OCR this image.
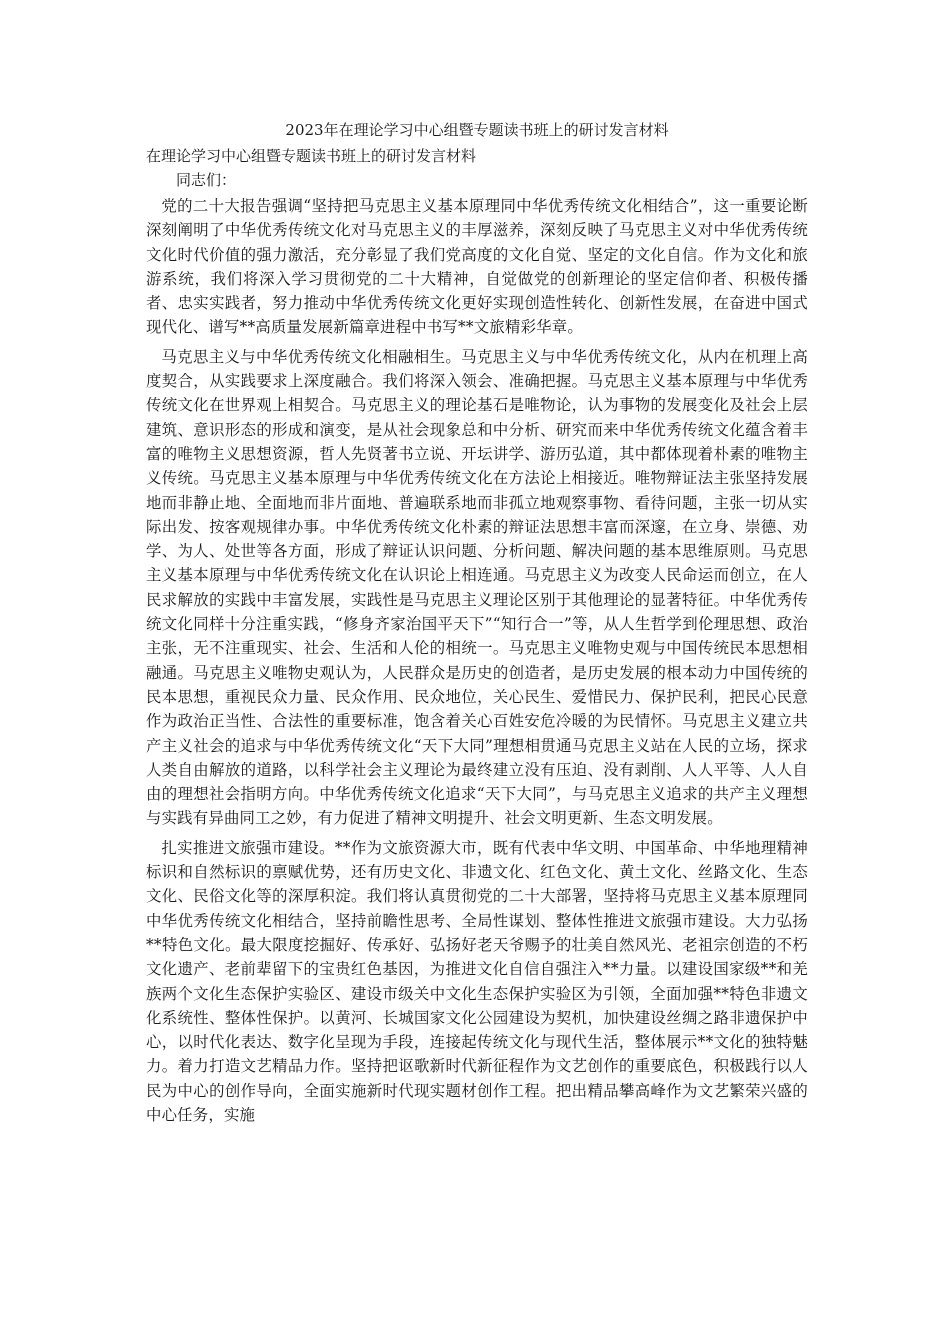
2023年在理论学习中心组暨专题读书班上的研讨发言材料
在理论学习中心组暨专题读书班上的研讨发言材料

同志们：

党的二十大报告强调“坚持把马克思主义基本原理同中华优秀传统文化相结合”，这一重要论断深刻阐明了中华优秀传统文化对马克思主义的丰厚滋养，深刻反映了马克思主义对中华优秀传统文化时代价值的强力激活，充分彰显了我们党高度的文化自觉、坚定的文化自信。作为文化和旅游系统，我们将深入学习贯彻党的二十大精神，自觉做党的创新理论的坚定信仰者、积极传播者、忠实实践者，努力推动中华优秀传统文化更好实现创造性转化、创新性发展，在奋进中国式现代化、谱写**高质量发展新篇章进程中书写**文旅精彩华章。

马克思主义与中华优秀传统文化相融相生。马克思主义与中华优秀传统文化，从内在机理上高度契合，从实践要求上深度融合。我们将深入领会、准确把握。马克思主义基本原理与中华优秀传统文化在世界观上相契合。马克思主义的理论基石是唯物论，认为事物的发展变化及社会上层建筑、意识形态的形成和演变，是从社会现象总和中分析、研究而来中华优秀传统文化蕴含着丰富的唯物主义思想资源，哲人先贤著书立说、开坛讲学、游历弘道，其中都体现着朴素的唯物主义传统。马克思主义基本原理与中华优秀传统文化在方法论上相接近。唯物辩证法主张坚持发展地而非静止地、全面地而非片面地、普遍联系地而非孤立地观察事物、看待问题，主张一切从实际出发、按客观规律办事。中华优秀传统文化朴素的辩证法思想丰富而深邃，在立身、崇德、劝学、为人、处世等各方面，形成了辩证认识问题、分析问题、解决问题的基本思维原则。马克思主义基本原理与中华优秀传统文化在认识论上相连通。马克思主义为改变人民命运而创立，在人民求解放的实践中丰富发展，实践性是马克思主义理论区别于其他理论的显著特征。中华优秀传统文化同样十分注重实践，“修身齐家治国平天下”“知行合一”等，从人生哲学到伦理思想、政治主张，无不注重现实、社会、生活和人伦的相统一。马克思主义唯物史观与中国传统民本思想相融通。马克思主义唯物史观认为，人民群众是历史的创造者，是历史发展的根本动力中国传统的民本思想，重视民众力量、民众作用、民众地位，关心民生、爱惜民力、保护民利，把民心民意作为政治正当性、合法性的重要标准，饱含着关心百姓安危冷暖的为民情怀。马克思主义建立共产主义社会的追求与中华优秀传统文化“天下大同”理想相贯通马克思主义站在人民的立场，探求人类自由解放的道路，以科学社会主义理论为最终建立没有压迫、没有剥削、人人平等、人人自由的理想社会指明方向。中华优秀传统文化追求“天下大同”，与马克思主义追求的共产主义理想与实践有异曲同工之妙，有力促进了精神文明提升、社会文明更新、生态文明发展。

扎实推进文旅强市建设。**作为文旅资源大市，既有代表中华文明、中国革命、中华地理精神标识和自然标识的禀赋优势，还有历史文化、非遗文化、红色文化、黄土文化、丝路文化、生态文化、民俗文化等的深厚积淀。我们将认真贯彻党的二十大部署，坚持将马克思主义基本原理同中华优秀传统文化相结合，坚持前瞻性思考、全局性谋划、整体性推进文旅强市建设。大力弘扬**特色文化。最大限度挖掘好、传承好、弘扬好老天爷赐予的壮美自然风光、老祖宗创造的不朽文化遗产、老前辈留下的宝贵红色基因，为推进文化自信自强注入**力量。以建设国家级**和羌族两个文化生态保护实验区、建设市级关中文化生态保护实验区为引领，全面加强**特色非遗文化系统性、整体性保护。以黄河、长城国家文化公园建设为契机，加快建设丝绸之路非遗保护中心，以时代化表达、数字化呈现为手段，连接起传统文化与现代生活，整体展示**文化的独特魅力。着力打造文艺精品力作。坚持把讴歌新时代新征程作为文艺创作的重要底色，积极践行以人民为中心的创作导向，全面实施新时代现实题材创作工程。把出精品攀高峰作为文艺繁荣兴盛的中心任务，实施
